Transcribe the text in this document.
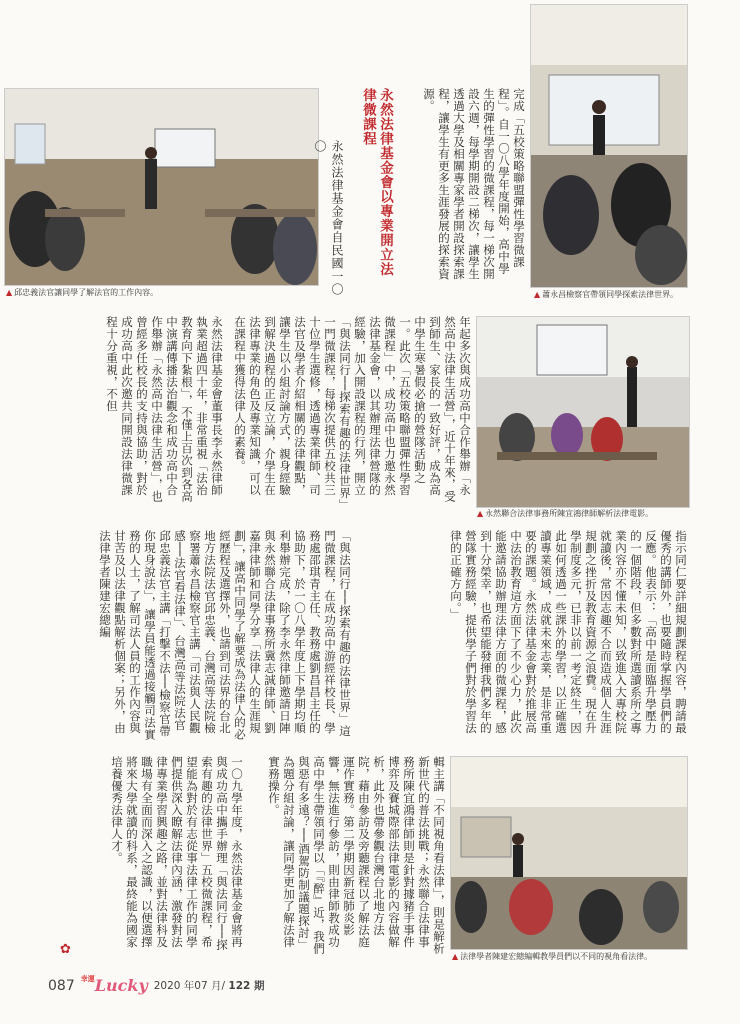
▲ 邱忠義法官讓同學了解法官的工作內容。	▲ 蕭永昌檢察官帶領同學探索法律世界。
完成「五校策略聯盟彈性學習微課程」。自一〇八學年度開始，高中學生的彈性學習的微課程，每一梯次開設六週，每學期開設二梯次，讓學生透過大學及相關專家學者開設探索課程，讓學生有更多生涯發展的探索資源。
永然法律基金會以專業開立法律微課程
永然法律基金會自民國一〇〇
▲ 永然聯合法律事務所陳宜鴻律師解析法律電影。
年起多次與成功高中合作舉辦「永然高中法律生活營」，近十年來，受到師生、家長的一致好評，成為高中學生寒暑假必搶的營隊活動之一。此次「五校策略聯盟彈性學習微課程」中，成功高中也力邀永然法律基金會，以其辦理法律營隊的經驗，加入開設課程的行列，開立「與法同行──探索有趣的法律世界」一門微課程，每梯次提供五校共三十位學生選修，透過專業律師、司法官及學者介紹相關的法律觀點，讓學生以小組討論方式，親身經驗到解決過程的正反立論，介學生在法律專業的角色及專業知識，可以在課程中獲得法律人的素養。
永然法律基金會董事長李永然律師執業超過四十年，非常重視「法治教育向下紮根」，不僅上百次到各高中演講傳播法治觀念和成功高中合作舉辦「永然高中法律生活營」，也曾經多任校長的支持與協助，對於成功高中此次邀共同開設法律微課程十分重視，不但
指示同仁要詳細規劃課程內容，聘請最優秀的講師外，也要隨時掌握學員們的反應。他表示：「高中是面臨升學壓力的一個階段，但多數對所選讀系所之專業內容亦不懂未知，以致進入大專校院就讀後，常因志趣不合而造成個人生涯規劃之挫折及教育資源之浪費。現在升學制度多元，已非以前一考定終生，因此如何透過一些課外的學習，以正確選讀專業領域，成就未來志業，是非常重要的課題。永然法律基金會對於推展高中法治教育這方面下了不少心力，此次能邀請協助辦理法律方面的微課程，感到十分榮幸，也希望能發揮我們多年的營隊實務經驗，提供學子們對於學習法律的正確方向。」
「與法同行──探索有趣的法律世界」這門微課程，在成功高中游經祥校長、學務處邵琪青主任、教務處劉昌昌主任的協助下，於一〇八學年度上下學期均順利舉辦完成，除了李永然律師邀請日陣與永然聯合法律事務所冀志誠律師、劉嘉津律師和同學分享「法律人的生涯規劃」，讓高中同學了解要成為法律人的必經歷程及選擇外，也請到司法界的台北地方法院法官邱忠義、台灣高等法院檢察署蕭永昌檢察官主講「司法與人民觀感──法官看法律」、台灣高等法院法官邱忠義法官主講「打擊不法──檢察官帶你現身說法」，讓學員能透過接觸司法實務的人士，了解司法人員的工作內容與甘苦及以法律觀點解析個案；另外，由法律學者陳建宏總編
▲ 法律學者陳建宏總編輯教學員們以不同的視角看法律。
輯主講「不同視角看法律」，則是解析新世代的普法挑戰；永然聯合法律事務所陳宜鴻律師則是針對據豬手事件博弈及賽城際部法律電影的內容做解析，此外也帶參觀台灣台北地方法院，藉由參訪及旁聽課程以了解法庭運作實務。第二學期因新冠肺炎影響，無法進行參訪，則由律師教成功高中學生帶領同學以「『醉』近，我們與惡有多遠？──酒駕防制議題探討」為題分組討論，讓同學更加了解法律實務操作。
一〇九學年度，永然法律基金會將再與成功高中攜手辦理「與法同行──探索有趣的法律世界」五校微課程，希望能為對於有志從事法律工作的同學們提供深入瞭解法律內涵，激發對法律專業學習興趣之路，並對法律科及職場有全面而深入之認識，以便選擇將來大學就讀的科系，最終能為國家培養優秀法律人才。
✿
087 幸運Lucky 2020 年07 月/ 122 期
